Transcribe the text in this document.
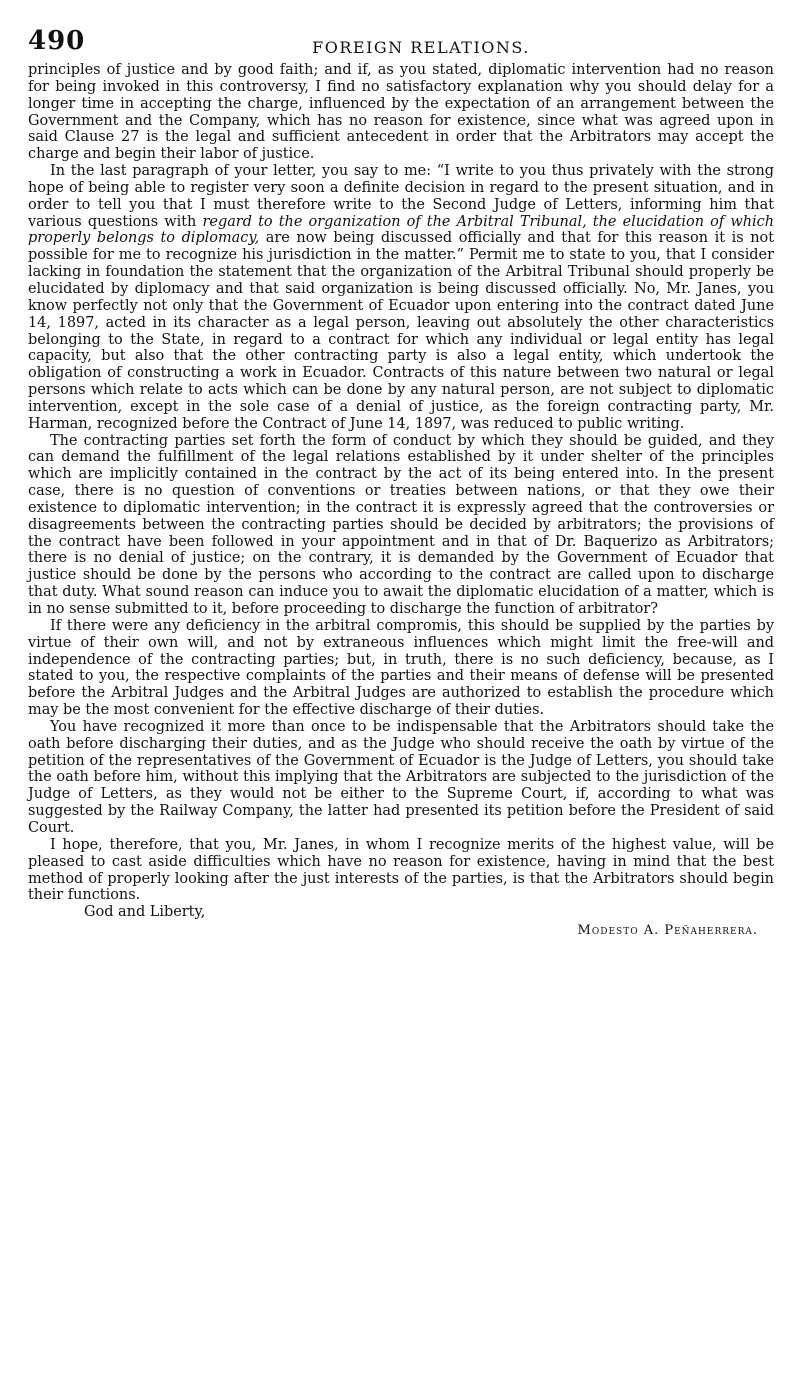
490	FOREIGN RELATIONS.

principles of justice and by good faith; and if, as you stated, diplomatic intervention had no reason for being invoked in this controversy, I find no satisfactory explanation why you should delay for a longer time in accepting the charge, influenced by the expectation of an arrangement between the Government and the Company, which has no reason for existence, since what was agreed upon in said Clause 27 is the legal and sufficient antecedent in order that the Arbitrators may accept the charge and begin their labor of justice.

In the last paragraph of your letter, you say to me: “I write to you thus privately with the strong hope of being able to register very soon a definite decision in regard to the present situation, and in order to tell you that I must therefore write to the Second Judge of Letters, informing him that various questions with regard to the organization of the Arbitral Tribunal, the elucidation of which properly belongs to diplomacy, are now being discussed officially and that for this reason it is not possible for me to recognize his jurisdiction in the matter.” Permit me to state to you, that I consider lacking in foundation the statement that the organization of the Arbitral Tribunal should properly be elucidated by diplomacy and that said organization is being discussed officially. No, Mr. Janes, you know perfectly not only that the Government of Ecuador upon entering into the contract dated June 14, 1897, acted in its character as a legal person, leaving out absolutely the other characteristics belonging to the State, in regard to a contract for which any individual or legal entity has legal capacity, but also that the other contracting party is also a legal entity, which undertook the obligation of constructing a work in Ecuador. Contracts of this nature between two natural or legal persons which relate to acts which can be done by any natural person, are not subject to diplomatic intervention, except in the sole case of a denial of justice, as the foreign contracting party, Mr. Harman, recognized before the Contract of June 14, 1897, was reduced to public writing.

The contracting parties set forth the form of conduct by which they should be guided, and they can demand the fulfillment of the legal relations established by it under shelter of the principles which are implicitly contained in the contract by the act of its being entered into. In the present case, there is no question of conventions or treaties between nations, or that they owe their existence to diplomatic intervention; in the contract it is expressly agreed that the controversies or disagreements between the contracting parties should be decided by arbitrators; the provisions of the contract have been followed in your appointment and in that of Dr. Baquerizo as Arbitrators; there is no denial of justice; on the contrary, it is demanded by the Government of Ecuador that justice should be done by the persons who according to the contract are called upon to discharge that duty. What sound reason can induce you to await the diplomatic elucidation of a matter, which is in no sense submitted to it, before proceeding to discharge the function of arbitrator?

If there were any deficiency in the arbitral compromis, this should be supplied by the parties by virtue of their own will, and not by extraneous influences which might limit the free-will and independence of the contracting parties; but, in truth, there is no such deficiency, because, as I stated to you, the respective complaints of the parties and their means of defense will be presented before the Arbitral Judges and the Arbitral Judges are authorized to establish the procedure which may be the most convenient for the effective discharge of their duties.

You have recognized it more than once to be indispensable that the Arbitrators should take the oath before discharging their duties, and as the Judge who should receive the oath by virtue of the petition of the representatives of the Government of Ecuador is the Judge of Letters, you should take the oath before him, without this implying that the Arbitrators are subjected to the jurisdiction of the Judge of Letters, as they would not be either to the Supreme Court, if, according to what was suggested by the Railway Company, the latter had presented its petition before the President of said Court.

I hope, therefore, that you, Mr. Janes, in whom I recognize merits of the highest value, will be pleased to cast aside difficulties which have no reason for existence, having in mind that the best method of properly looking after the just interests of the parties, is that the Arbitrators should begin their functions.

God and Liberty,

Modesto A. Peñaherrera.
